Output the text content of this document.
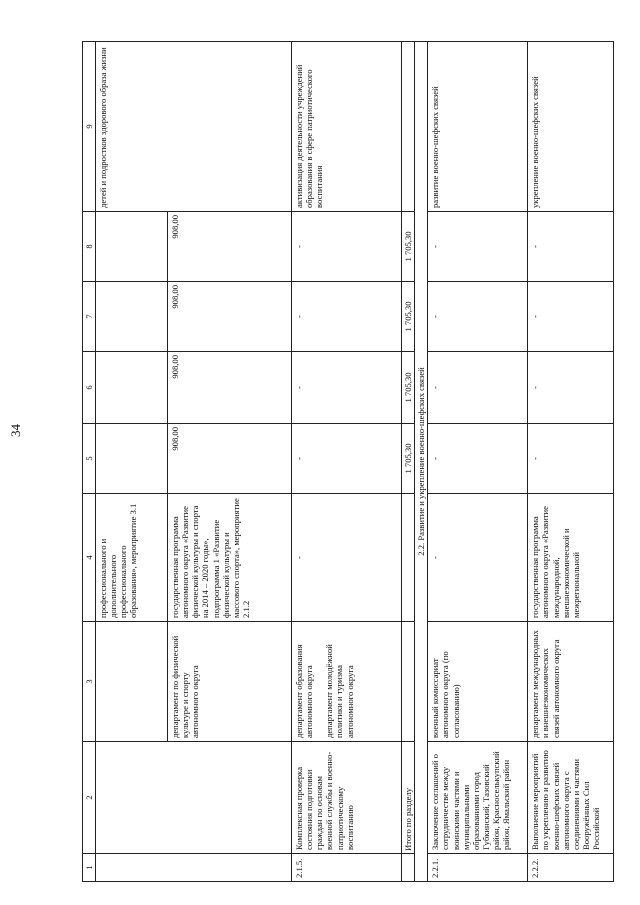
34
1	2	3	4	5	6	7	8	9
			профессионального и дополнительного профессионального образования», мероприятие 3.1					детей и подростков здорового образа жизни
		департамент по физической культуре и спорту автономного округа	государственная программа автономного округа «Развитие физической культуры и спорта на 2014 – 2020 годы», подпрограмма 1 «Развитие физической культуры и массового спорта», мероприятие 2.1.2	908,00	908,00	908,00	908,00	
2.1.5.	Комплексная проверка состояния подготовки граждан по основам военной службы и военно-патриотическому воспитанию	департамент образования автономного округа департамент молодёжной политики и туризма автономного округа	-	-	-	-	-	активизация деятельности учреждений образования в сфере патриотического воспитания
	Итого по разделу			1 705,30	1 705,30	1 705,30	1 705,30	
2.2. Развитие и укрепление военно-шефских связей								
2.2.1.	Заключение соглашений о сотрудничестве между воинскими частями и муниципальными образованиями город Губкинский, Тазовский район, Красноселькупский район, Ямальский район	военный комиссариат автономного округа (по согласованию)	-	-	-	-	-	развитие военно-шефских связей
2.2.2.	Выполнение мероприятий по укреплению и развитию военно-шефских связей автономного округа с соединениями и частями Вооружённых Сил Российской	департамент международных и внешнеэкономических связей автономного округа	государственная программа автономного округа «Развитие международной, внешнеэкономической и межрегиональной	-	-	-	-	укрепление военно-шефских связей
